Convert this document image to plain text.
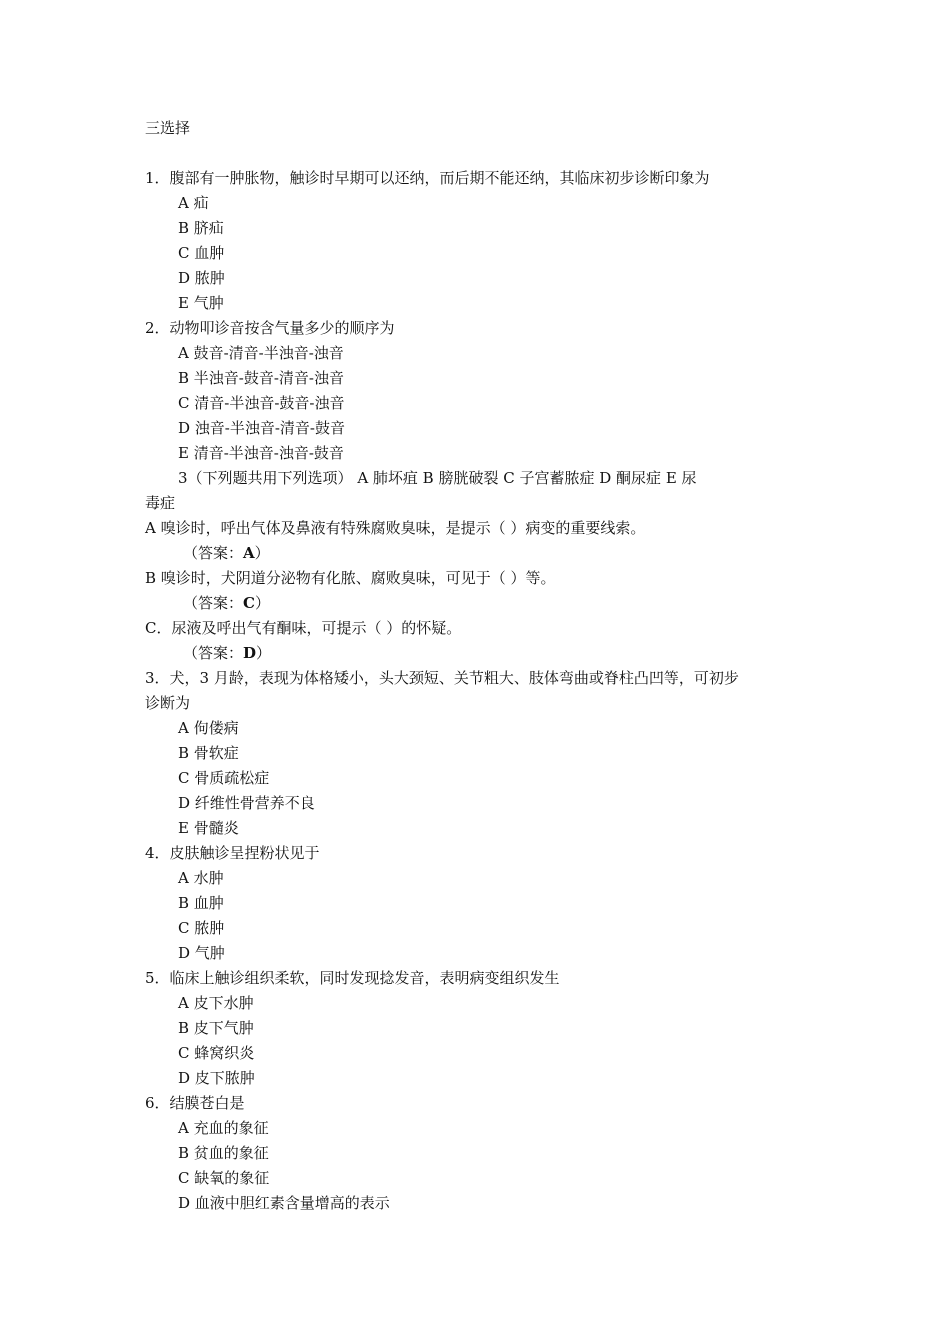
三选择
1．腹部有一肿胀物，触诊时早期可以还纳，而后期不能还纳，其临床初步诊断印象为
A 疝
B 脐疝
C 血肿
D 脓肿
E 气肿
2．动物叩诊音按含气量多少的顺序为
A 鼓音-清音-半浊音-浊音
B 半浊音-鼓音-清音-浊音
C 清音-半浊音-鼓音-浊音
D 浊音-半浊音-清音-鼓音
E 清音-半浊音-浊音-鼓音
3（下列题共用下列选项） A 肺坏疽 B 膀胱破裂 C 子宫蓄脓症 D 酮尿症 E 尿
毒症
A 嗅诊时，呼出气体及鼻液有特殊腐败臭味，是提示（ ）病变的重要线索。
（答案：A）
B 嗅诊时，犬阴道分泌物有化脓、腐败臭味，可见于（ ）等。
（答案：C）
C．尿液及呼出气有酮味，可提示（ ）的怀疑。
（答案：D）
3．犬，3 月龄，表现为体格矮小，头大颈短、关节粗大、肢体弯曲或脊柱凸凹等，可初步
诊断为
A 佝偻病
B 骨软症
C 骨质疏松症
D 纤维性骨营养不良
E 骨髓炎
4．皮肤触诊呈捏粉状见于
A 水肿
B 血肿
C 脓肿
D 气肿
5．临床上触诊组织柔软，同时发现捻发音，表明病变组织发生
A 皮下水肿
B 皮下气肿
C 蜂窝织炎
D 皮下脓肿
6．结膜苍白是
A 充血的象征
B 贫血的象征
C 缺氧的象征
D 血液中胆红素含量增高的表示
